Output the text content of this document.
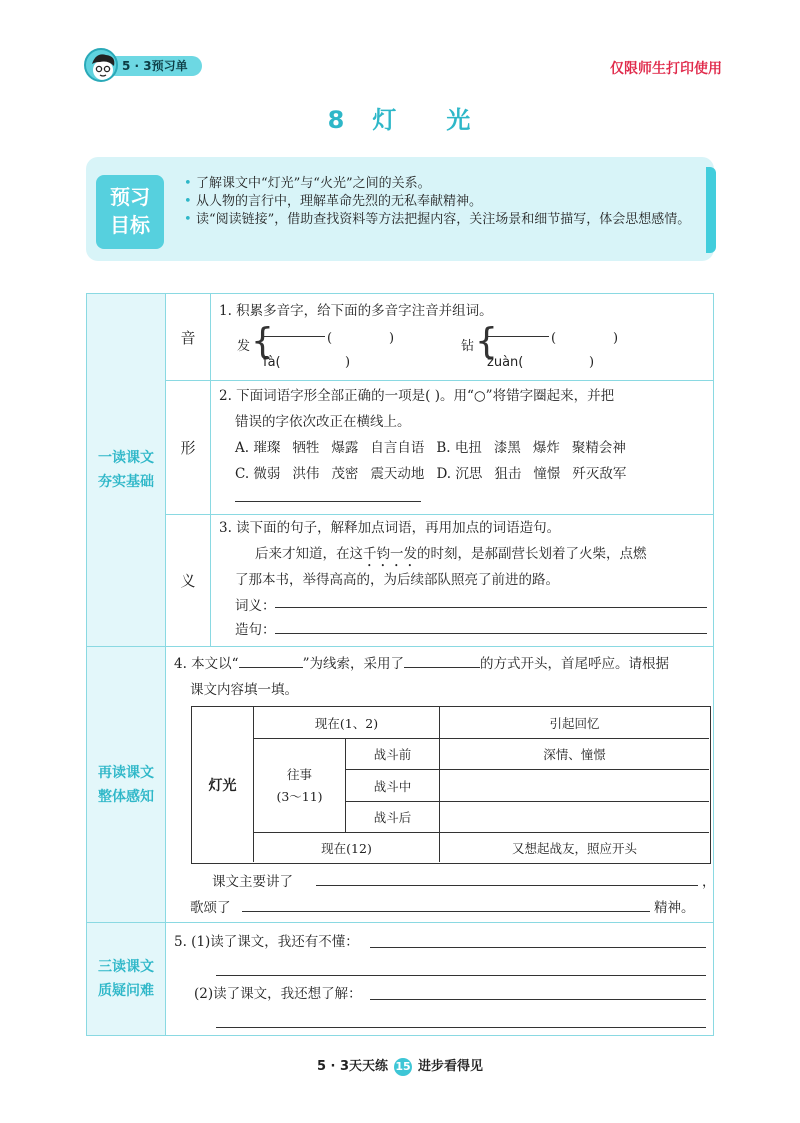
5 · 3预习单	仅限师生打印使用
8 灯 光
预习
目标
• 了解课文中“灯光”与“火光”之间的关系。
• 从人物的言行中，理解革命先烈的无私奉献精神。
• 读“阅读链接”，借助查找资料等方法把握内容，关注场景和细节描写，体会思想感情。
一读课文
夯实基础
音
1. 积累多音字，给下面的多音字注音并组词。
发 {	(	)
fà(	)
钻 {	(	)
zuàn(	)
形
2. 下面词语字形全部正确的一项是( )。用“○”将错字圈起来，并把
错误的字依次改正在横线上。
A. 璀璨 牺牲 爆露 自言自语 B. 电扭 漆黑 爆炸 聚精会神
C. 微弱 洪伟 茂密 震天动地 D. 沉思 狙击 憧憬 歼灭敌军
义
3. 读下面的句子，解释加点词语，再用加点的词语造句。
后来才知道，在这千钧一发的时刻，是郝副营长划着了火柴，点燃
了那本书，举得高高的，为后续部队照亮了前进的路。
词义：
造句：
再读课文
整体感知
4. 本文以“	”为线索，采用了	的方式开头，首尾呼应。请根据
课文内容填一填。
课文主要讲了	，
歌颂了	精神。
灯光
现在(1、2)	引起回忆
往事
(3～11)
战斗前	深情、憧憬
战斗中
战斗后
现在(12)	又想起战友，照应开头
三读课文
质疑问难
5. (1)读了课文，我还有不懂：
(2)读了课文，我还想了解：
5 · 3天天练 15 进步看得见
